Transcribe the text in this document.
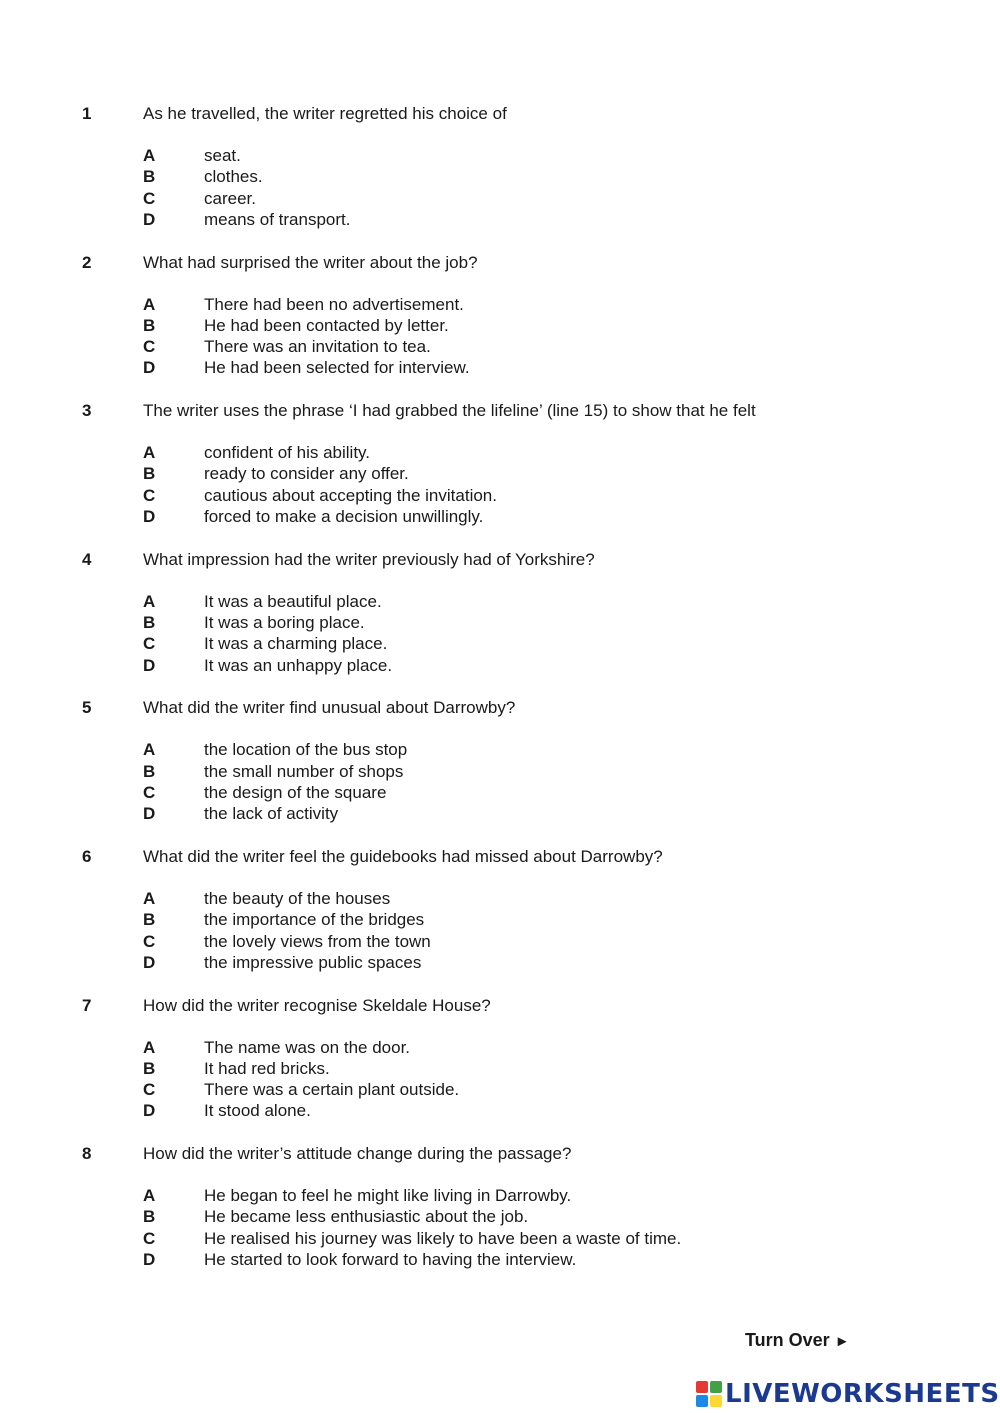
1	As he travelled, the writer regretted his choice of
A	seat.
B	clothes.
C	career.
D	means of transport.
2	What had surprised the writer about the job?
A	There had been no advertisement.
B	He had been contacted by letter.
C	There was an invitation to tea.
D	He had been selected for interview.
3	The writer uses the phrase ‘I had grabbed the lifeline’ (line 15) to show that he felt
A	confident of his ability.
B	ready to consider any offer.
C	cautious about accepting the invitation.
D	forced to make a decision unwillingly.
4	What impression had the writer previously had of Yorkshire?
A	It was a beautiful place.
B	It was a boring place.
C	It was a charming place.
D	It was an unhappy place.
5	What did the writer find unusual about Darrowby?
A	the location of the bus stop
B	the small number of shops
C	the design of the square
D	the lack of activity
6	What did the writer feel the guidebooks had missed about Darrowby?
A	the beauty of the houses
B	the importance of the bridges
C	the lovely views from the town
D	the impressive public spaces
7	How did the writer recognise Skeldale House?
A	The name was on the door.
B	It had red bricks.
C	There was a certain plant outside.
D	It stood alone.
8	How did the writer’s attitude change during the passage?
A	He began to feel he might like living in Darrowby.
B	He became less enthusiastic about the job.
C	He realised his journey was likely to have been a waste of time.
D	He started to look forward to having the interview.
Turn Over ►
LIVEWORKSHEETS
